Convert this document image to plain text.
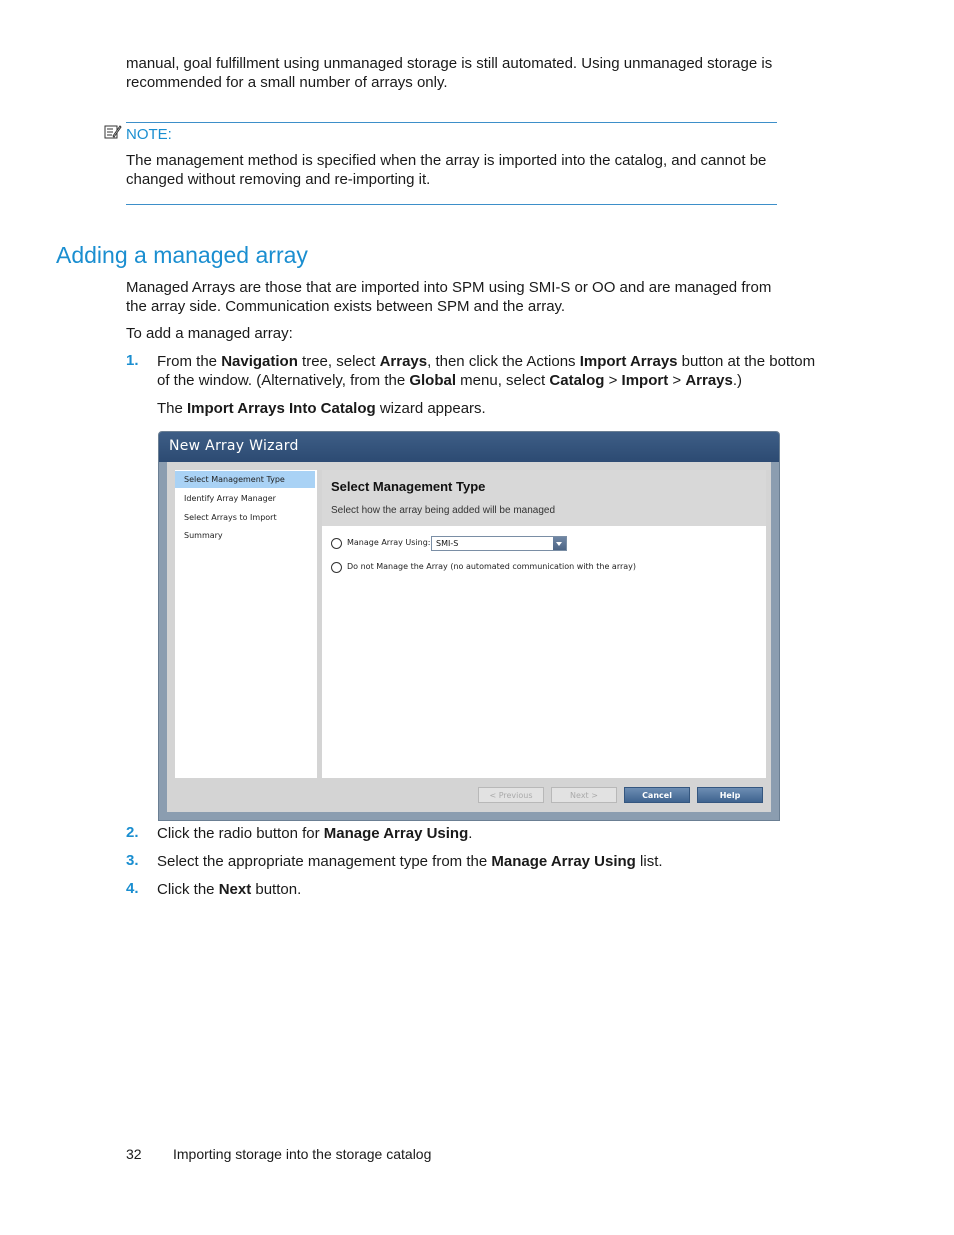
manual, goal fulfillment using unmanaged storage is still automated. Using unmanaged storage is
recommended for a small number of arrays only.
NOTE:
The management method is specified when the array is imported into the catalog, and cannot be
changed without removing and re-importing it.
Adding a managed array
Managed Arrays are those that are imported into SPM using SMI-S or OO and are managed from
the array side. Communication exists between SPM and the array.
To add a managed array:
1. From the Navigation tree, select Arrays, then click the Actions Import Arrays button at the bottom
of the window. (Alternatively, from the Global menu, select Catalog > Import > Arrays.)
The Import Arrays Into Catalog wizard appears.
New Array Wizard
Select Management Type
Identify Array Manager
Select Arrays to Import
Summary
Select Management Type
Select how the array being added will be managed
Manage Array Using: SMI-S
Do not Manage the Array (no automated communication with the array)
< Previous	Next >	Cancel	Help
2. Click the radio button for Manage Array Using.
3. Select the appropriate management type from the Manage Array Using list.
4. Click the Next button.
32 Importing storage into the storage catalog
